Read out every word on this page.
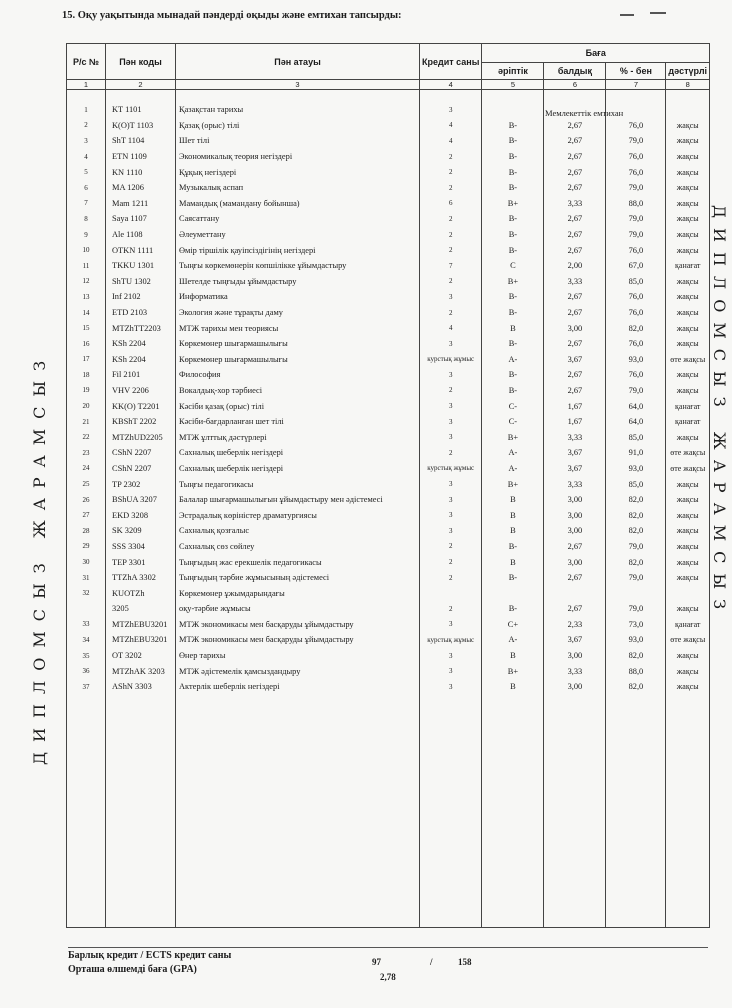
15. Оқу уақытында мынадай пәндерді оқыды және емтихан тапсырды:
Р/с №	Пән коды	Пән атауы	Кредит саны	Баға			
				әріптік	балдық	% - бен	дәстүрлі
1	2	3	4	5	6	7	8

1	KT 1101	Қазақстан тарихы	3				
2	K(O)T 1103	Қазақ (орыс) тілі	4	B-	2,67	76,0	жақсы
3	ShT 1104	Шет тілі	4	B-	2,67	79,0	жақсы
4	ETN 1109	Экономикалық теория негіздері	2	B-	2,67	76,0	жақсы
5	KN 1110	Құқық негіздері	2	B-	2,67	76,0	жақсы
6	MA 1206	Музыкалық аспап	2	B-	2,67	79,0	жақсы
7	Mam 1211	Мамандық (мамандану бойынша)	6	B+	3,33	88,0	жақсы
8	Saya 1107	Саясаттану	2	B-	2,67	79,0	жақсы
9	Ale 1108	Әлеуметтану	2	B-	2,67	79,0	жақсы
10	OTKN 1111	Өмір тіршілік қауіпсіздігінің негіздері	2	B-	2,67	76,0	жақсы
11	TKKU 1301	Тыңғы көркемөнерін көпшілікке ұйымдастыру	7	C	2,00	67,0	қанағат
12	ShTU 1302	Шетелде тыңғыды ұйымдастыру	2	B+	3,33	85,0	жақсы
13	Inf 2102	Информатика	3	B-	2,67	76,0	жақсы
14	ETD 2103	Экология және тұрақты даму	2	B-	2,67	76,0	жақсы
15	MTZhTT2203	МТЖ тарихы мен теориясы	4	B	3,00	82,0	жақсы
16	KSh 2204	Көркемөнер шығармашылығы	3	B-	2,67	76,0	жақсы
17	KSh 2204	Көркемөнер шығармашылығы	курстық жұмыс	A-	3,67	93,0	өте жақсы
18	Fil 2101	Философия	3	B-	2,67	76,0	жақсы
19	VHV 2206	Вокалдық-хор тәрбиесі	2	B-	2,67	79,0	жақсы
20	KK(O) T2201	Кәсіби қазақ (орыс) тілі	3	C-	1,67	64,0	қанағат
21	KBShT 2202	Кәсіби-бағдарланған шет тілі	3	C-	1,67	64,0	қанағат
22	MTZhUD2205	МТЖ ұлттық дәстүрлері	3	B+	3,33	85,0	жақсы
23	CShN 2207	Сахналық шеберлік негіздері	2	A-	3,67	91,0	өте жақсы
24	CShN 2207	Сахналық шеберлік негіздері	курстық жұмыс	A-	3,67	93,0	өте жақсы
25	TP 2302	Тыңғы педагогикасы	3	B+	3,33	85,0	жақсы
26	BShUA 3207	Балалар шығармашылығын ұйымдастыру мен әдістемесі	3	B	3,00	82,0	жақсы
27	EKD 3208	Эстрадалық көріністер драматургиясы	3	B	3,00	82,0	жақсы
28	SK 3209	Сахналық қозғалыс	3	B	3,00	82,0	жақсы
29	SSS 3304	Сахналық сөз сөйлеу	2	B-	2,67	79,0	жақсы
30	TEP 3301	Тыңғыдың жас ерекшелік педагогикасы	2	B	3,00	82,0	жақсы
31	TTZhA 3302	Тыңғыдың тәрбие жұмысының әдістемесі	2	B-	2,67	79,0	жақсы
32	KUOTZh	Көркемөнер ұжымдарындағы					
	3205	оқу-тәрбие жұмысы	2	B-	2,67	79,0	жақсы
33	MTZhEBU3201	МТЖ экономикасы мен басқаруды ұйымдастыру	3	C+	2,33	73,0	қанағат
34	MTZhEBU3201	МТЖ экономикасы мен басқаруды ұйымдастыру	курстық жұмыс	A-	3,67	93,0	өте жақсы
35	OT 3202	Өнер тарихы	3	B	3,00	82,0	жақсы
36	MTZhAK 3203	МТЖ әдістемелік қамсыздандыру	3	B+	3,33	88,0	жақсы
37	AShN 3303	Актерлік шеберлік негіздері	3	B	3,00	82,0	жақсы

Мемлекеттік емтихан
ДИПЛОМСЫЗ ЖАРАМСЫЗ	ДИПЛОМСЫЗ ЖАРАМСЫЗ
Барлық кредит / ECTS кредит саны
Орташа өлшемді баға (GPA)
97	/	158
2,78
